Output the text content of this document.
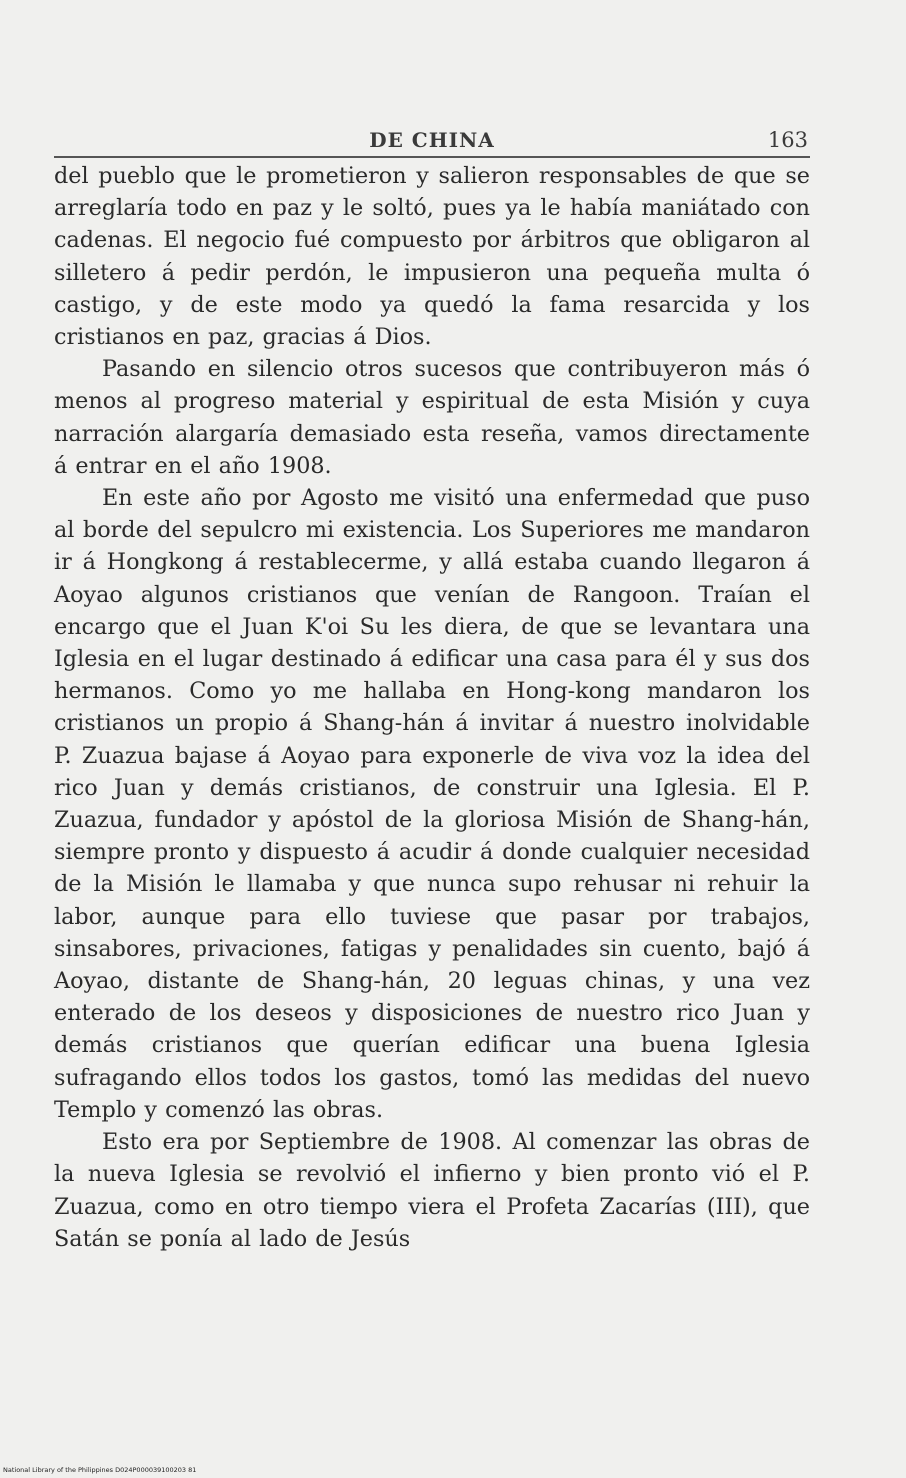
DE CHINA	163

del pueblo que le prometieron y salieron responsables de que se arreglaría todo en paz y le soltó, pues ya le había maniátado con cadenas. El negocio fué compuesto por árbitros que obligaron al silletero á pedir perdón, le impusieron una pequeña multa ó castigo, y de este modo ya quedó la fama resarcida y los cristianos en paz, gracias á Dios.

Pasando en silencio otros sucesos que contribuyeron más ó menos al progreso material y espiritual de esta Misión y cuya narración alargaría demasiado esta reseña, vamos directamente á entrar en el año 1908.

En este año por Agosto me visitó una enfermedad que puso al borde del sepulcro mi existencia. Los Superiores me mandaron ir á Hongkong á restablecerme, y allá estaba cuando llegaron á Aoyao algunos cristianos que venían de Rangoon. Traían el encargo que el Juan K'oi Su les diera, de que se levantara una Iglesia en el lugar destinado á edificar una casa para él y sus dos hermanos. Como yo me hallaba en Hong-kong mandaron los cristianos un propio á Shang-hán á invitar á nuestro inolvidable P. Zuazua bajase á Aoyao para exponerle de viva voz la idea del rico Juan y demás cristianos, de construir una Iglesia. El P. Zuazua, fundador y apóstol de la gloriosa Misión de Shang-hán, siempre pronto y dispuesto á acudir á donde cualquier necesidad de la Misión le llamaba y que nunca supo rehusar ni rehuir la labor, aunque para ello tuviese que pasar por trabajos, sinsabores, privaciones, fatigas y penalidades sin cuento, bajó á Aoyao, distante de Shang-hán, 20 leguas chinas, y una vez enterado de los deseos y disposiciones de nuestro rico Juan y demás cristianos que querían edificar una buena Iglesia sufragando ellos todos los gastos, tomó las medidas del nuevo Templo y comenzó las obras.

Esto era por Septiembre de 1908. Al comenzar las obras de la nueva Iglesia se revolvió el infierno y bien pronto vió el P. Zuazua, como en otro tiempo viera el Profeta Zacarías (III), que Satán se ponía al lado de Jesús

National Library of the Philippines D024P000039100203 81
